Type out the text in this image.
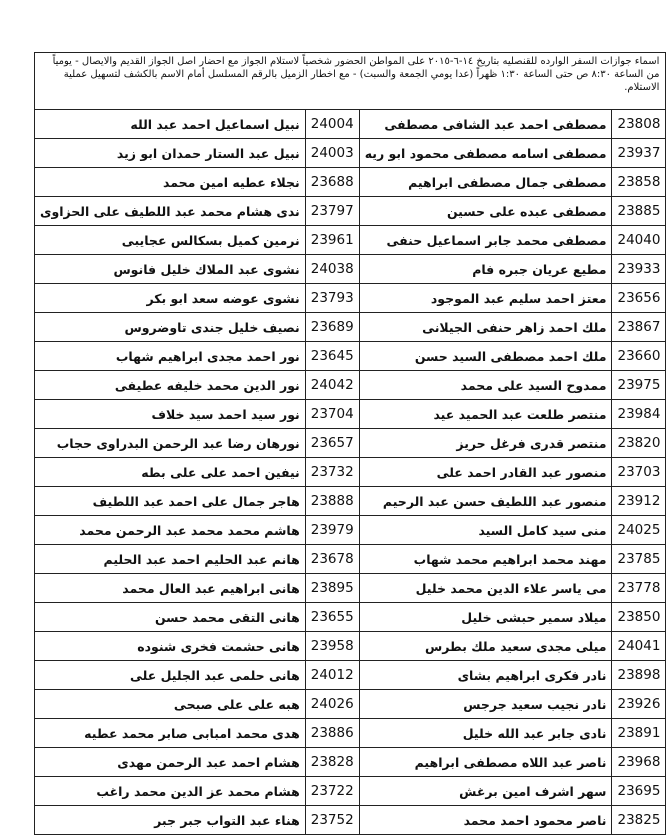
اسماء جوازات السفر الوارده للقنصليه بتاريخ ١٤-٦-٢٠١٥ على المواطن الحضور شخصياً لاستلام الجواز مع احضار اصل الجواز القديم والايصال - يومياً من الساعة ٨:٣٠ ص حتى الساعة ١:٣٠ ظهراً (عدا يومي الجمعة والسبت) - مع اخطار الزميل بالرقم المسلسل أمام الاسم بالكشف لتسهيل عملية الاستلام.			
23808	مصطفى احمد عبد الشافى مصطفى	24004	نبيل اسماعيل احمد عبد الله
23937	مصطفى اسامه مصطفى محمود ابو ريه	24003	نبيل عبد الستار حمدان ابو زيد
23858	مصطفى جمال مصطفى ابراهيم	23688	نجلاء عطيه امين محمد
23885	مصطفى عبده على حسين	23797	ندى هشام محمد عبد اللطيف على الحزاوى
24040	مصطفى محمد جابر اسماعيل حنفى	23961	نرمين كميل بسكالس عجايبى
23933	مطيع عريان جبره فام	24038	نشوى عبد الملاك خليل فانوس
23656	معتز احمد سليم عبد الموجود	23793	نشوى عوضه سعد ابو بكر
23867	ملك احمد زاهر حنفى الجيلانى	23689	نصيف خليل جندى تاوضروس
23660	ملك احمد مصطفى السيد حسن	23645	نور احمد مجدى ابراهيم شهاب
23975	ممدوح السيد على محمد	24042	نور الدين محمد خليفه عطيفى
23984	منتصر طلعت عبد الحميد عيد	23704	نور سيد احمد سيد خلاف
23820	منتصر قدرى فرغل حريز	23657	نورهان رضا عبد الرحمن البدراوى حجاب
23703	منصور عبد القادر احمد على	23732	نيفين احمد على على بطه
23912	منصور عبد اللطيف حسن عبد الرحيم	23888	هاجر جمال على احمد عبد اللطيف
24025	منى سيد كامل السيد	23979	هاشم محمد محمد عبد الرحمن محمد
23785	مهند محمد ابراهيم محمد شهاب	23678	هانم عبد الحليم احمد عبد الحليم
23778	مى ياسر علاء الدين محمد خليل	23895	هانى ابراهيم عبد العال محمد
23850	ميلاد سمير حبشى خليل	23655	هانى التقى محمد حسن
24041	ميلى مجدى سعيد ملك بطرس	23958	هانى حشمت فخرى شنوده
23898	نادر فكرى ابراهيم بشاى	24012	هانى حلمى عبد الجليل على
23926	نادر نجيب سعيد جرجس	24026	هبه على على صبحى
23891	نادى جابر عبد الله خليل	23886	هدى محمد امبابى صابر محمد عطيه
23968	ناصر عبد اللاه مصطفى ابراهيم	23828	هشام احمد عبد الرحمن مهدى
23695	سهر اشرف امين برغش	23722	هشام محمد عز الدين محمد راغب
23825	ناصر محمود احمد محمد	23752	هناء عبد التواب جبر جبر
